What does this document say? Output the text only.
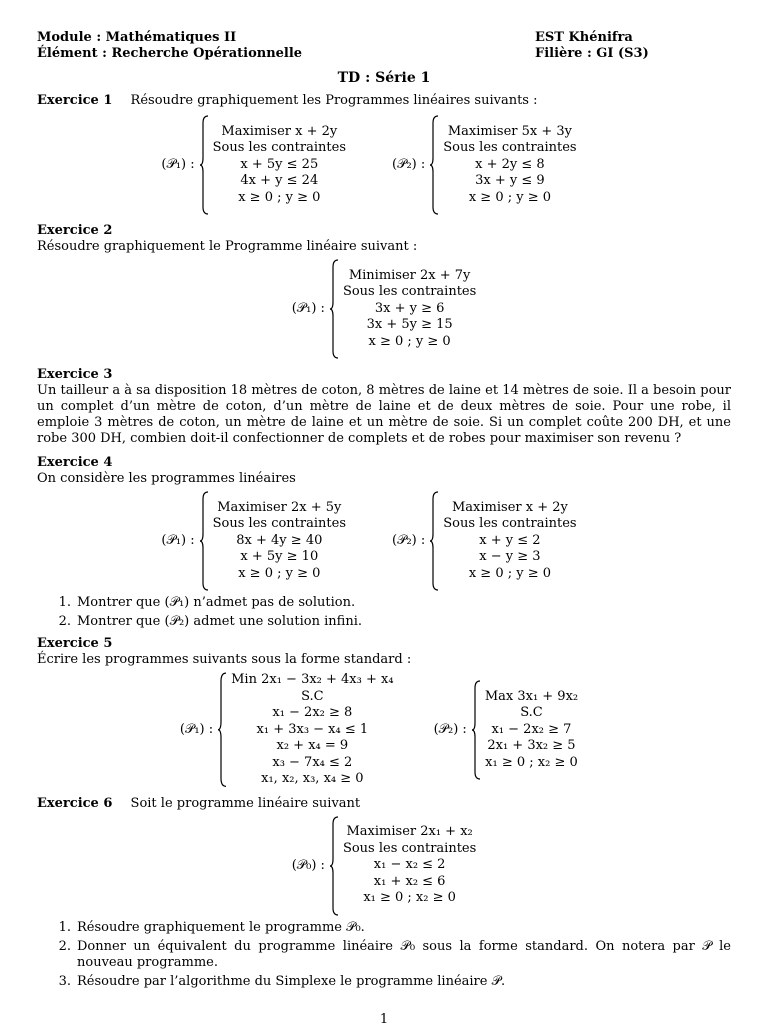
Module : Mathématiques II
Élément : Recherche Opérationnelle
EST Khénifra
Filière : GI (S3)
TD : Série 1
Exercice 1 Résoudre graphiquement les Programmes linéaires suivants :
(𝒫₁) :
Maximiser x + 2y
Sous les contraintes
x + 5y ≤ 25
4x + y ≤ 24
x ≥ 0 ; y ≥ 0
(𝒫₂) :
Maximiser 5x + 3y
Sous les contraintes
x + 2y ≤ 8
3x + y ≤ 9
x ≥ 0 ; y ≥ 0
Exercice 2

Résoudre graphiquement le Programme linéaire suivant :

(𝒫₁) :
Minimiser 2x + 7y
Sous les contraintes
3x + y ≥ 6
3x + 5y ≥ 15
x ≥ 0 ; y ≥ 0
Exercice 3

Un tailleur a à sa disposition 18 mètres de coton, 8 mètres de laine et 14 mètres de soie. Il a besoin pour un complet d’un mètre de coton, d’un mètre de laine et de deux mètres de soie. Pour une robe, il emploie 3 mètres de coton, un mètre de laine et un mètre de soie. Si un complet coûte 200 DH, et une robe 300 DH, combien doit-il confectionner de complets et de robes pour maximiser son revenu ?

Exercice 4

On considère les programmes linéaires

(𝒫₁) :
Maximiser 2x + 5y
Sous les contraintes
8x + 4y ≥ 40
x + 5y ≥ 10
x ≥ 0 ; y ≥ 0
(𝒫₂) :
Maximiser x + 2y
Sous les contraintes
x + y ≤ 2
x − y ≥ 3
x ≥ 0 ; y ≥ 0
1. Montrer que (𝒫₁) n’admet pas de solution.
2. Montrer que (𝒫₂) admet une solution infini.
Exercice 5

Écrire les programmes suivants sous la forme standard :

(𝒫₁) :
Min 2x₁ − 3x₂ + 4x₃ + x₄
S.C
x₁ − 2x₂ ≥ 8
x₁ + 3x₃ − x₄ ≤ 1
x₂ + x₄ = 9
x₃ − 7x₄ ≤ 2
x₁, x₂, x₃, x₄ ≥ 0
(𝒫₂) :
Max 3x₁ + 9x₂
S.C
x₁ − 2x₂ ≥ 7
2x₁ + 3x₂ ≥ 5
x₁ ≥ 0 ; x₂ ≥ 0
Exercice 6 Soit le programme linéaire suivant
(𝒫₀) :
Maximiser 2x₁ + x₂
Sous les contraintes
x₁ − x₂ ≤ 2
x₁ + x₂ ≤ 6
x₁ ≥ 0 ; x₂ ≥ 0
1. Résoudre graphiquement le programme 𝒫₀.
2. Donner un équivalent du programme linéaire 𝒫₀ sous la forme standard. On notera par 𝒫 le nouveau programme.
3. Résoudre par l’algorithme du Simplexe le programme linéaire 𝒫.
1
